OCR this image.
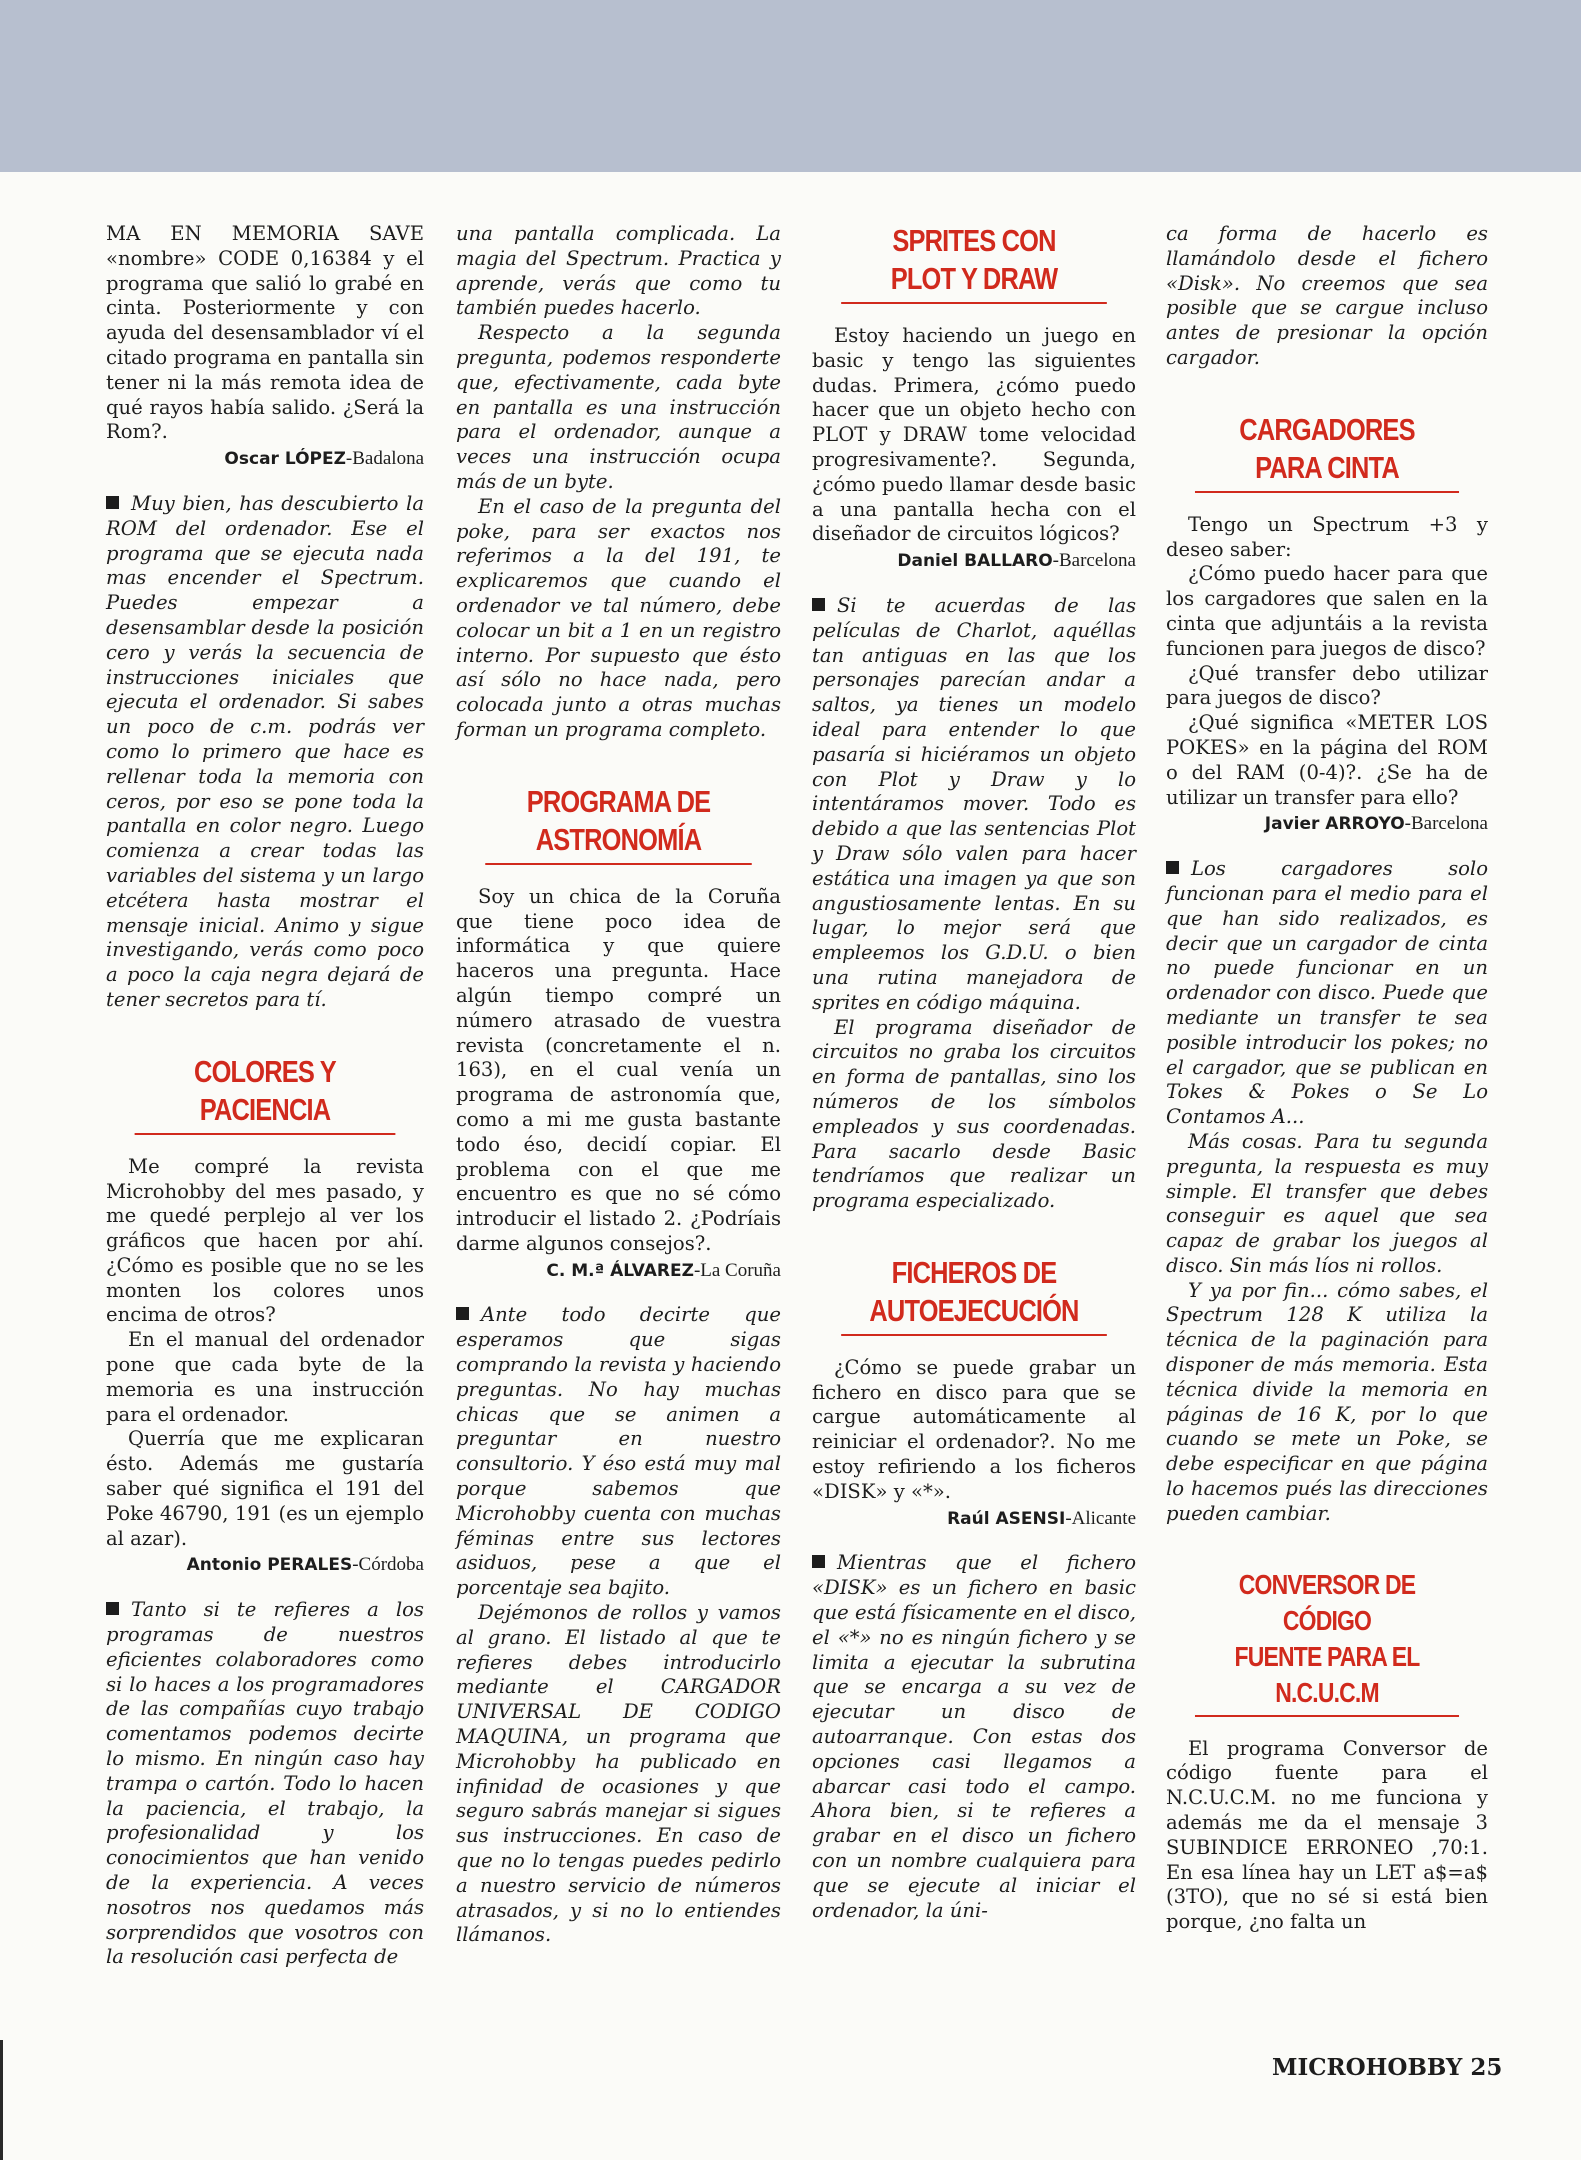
MA EN MEMORIA SAVE «nombre» CODE 0,16384 y el programa que salió lo grabé en cinta. Posteriormente y con ayuda del desensamblador ví el citado programa en pantalla sin tener ni la más remota idea de qué rayos había salido. ¿Será la Rom?.

Oscar LÓPEZ-Badalona

Muy bien, has descubierto la ROM del ordenador. Ese el programa que se ejecuta nada mas encender el Spectrum. Puedes empezar a desensamblar desde la posición cero y verás la secuencia de instrucciones iniciales que ejecuta el ordenador. Si sabes un poco de c.m. podrás ver como lo primero que hace es rellenar toda la memoria con ceros, por eso se pone toda la pantalla en color negro. Luego comienza a crear todas las variables del sistema y un largo etcétera hasta mostrar el mensaje inicial. Animo y sigue investigando, verás como poco a poco la caja negra dejará de tener secretos para tí.

COLORES Y PACIENCIA

Me compré la revista Microhobby del mes pasado, y me quedé perplejo al ver los gráficos que hacen por ahí. ¿Cómo es posible que no se les monten los colores unos encima de otros?

En el manual del ordenador pone que cada byte de la memoria es una instrucción para el ordenador.

Querría que me explicaran ésto. Además me gustaría saber qué significa el 191 del Poke 46790, 191 (es un ejemplo al azar).

Antonio PERALES-Córdoba

Tanto si te refieres a los programas de nuestros eficientes colaboradores como si lo haces a los programadores de las compañías cuyo trabajo comentamos podemos decirte lo mismo. En ningún caso hay trampa o cartón. Todo lo hacen la paciencia, el trabajo, la profesionalidad y los conocimientos que han venido de la experiencia. A veces nosotros nos quedamos más sorprendidos que vosotros con la resolución casi perfecta de

una pantalla complicada. La magia del Spectrum. Practica y aprende, verás que como tu también puedes hacerlo.

Respecto a la segunda pregunta, podemos responderte que, efectivamente, cada byte en pantalla es una instrucción para el ordenador, aunque a veces una instrucción ocupa más de un byte.

En el caso de la pregunta del poke, para ser exactos nos referimos a la del 191, te explicaremos que cuando el ordenador ve tal número, debe colocar un bit a 1 en un registro interno. Por supuesto que ésto así sólo no hace nada, pero colocada junto a otras muchas forman un programa completo.

PROGRAMA DE
ASTRONOMÍA

Soy un chica de la Coruña que tiene poco idea de informática y que quiere haceros una pregunta. Hace algún tiempo compré un número atrasado de vuestra revista (concretamente el n. 163), en el cual venía un programa de astronomía que, como a mi me gusta bastante todo éso, decidí copiar. El problema con el que me encuentro es que no sé cómo introducir el listado 2. ¿Podríais darme algunos consejos?.

C. M.ª ÁLVAREZ-La Coruña

Ante todo decirte que esperamos que sigas comprando la revista y haciendo preguntas. No hay muchas chicas que se animen a preguntar en nuestro consultorio. Y éso está muy mal porque sabemos que Microhobby cuenta con muchas féminas entre sus lectores asiduos, pese a que el porcentaje sea bajito.

Dejémonos de rollos y vamos al grano. El listado al que te refieres debes introducirlo mediante el CARGADOR UNIVERSAL DE CODIGO MAQUINA, un programa que Microhobby ha publicado en infinidad de ocasiones y que seguro sabrás manejar si sigues sus instrucciones. En caso de que no lo tengas puedes pedirlo a nuestro servicio de números atrasados, y si no lo entiendes llámanos.

SPRITES CON
PLOT Y DRAW

Estoy haciendo un juego en basic y tengo las siguientes dudas. Primera, ¿cómo puedo hacer que un objeto hecho con PLOT y DRAW tome velocidad progresivamente?. Segunda, ¿cómo puedo llamar desde basic a una pantalla hecha con el diseñador de circuitos lógicos?

Daniel BALLARO-Barcelona

Si te acuerdas de las películas de Charlot, aquéllas tan antiguas en las que los personajes parecían andar a saltos, ya tienes un modelo ideal para entender lo que pasaría si hiciéramos un objeto con Plot y Draw y lo intentáramos mover. Todo es debido a que las sentencias Plot y Draw sólo valen para hacer estática una imagen ya que son angustiosamente lentas. En su lugar, lo mejor será que empleemos los G.D.U. o bien una rutina manejadora de sprites en código máquina.

El programa diseñador de circuitos no graba los circuitos en forma de pantallas, sino los números de los símbolos empleados y sus coordenadas. Para sacarlo desde Basic tendríamos que realizar un programa especializado.

FICHEROS DE
AUTOEJECUCIÓN

¿Cómo se puede grabar un fichero en disco para que se cargue automáticamente al reiniciar el ordenador?. No me estoy refiriendo a los ficheros «DISK» y «*».

Raúl ASENSI-Alicante

Mientras que el fichero «DISK» es un fichero en basic que está físicamente en el disco, el «*» no es ningún fichero y se limita a ejecutar la subrutina que se encarga a su vez de ejecutar un disco de autoarranque. Con estas dos opciones casi llegamos a abarcar casi todo el campo. Ahora bien, si te refieres a grabar en el disco un fichero con un nombre cualquiera para que se ejecute al iniciar el ordenador, la úni-

ca forma de hacerlo es llamándolo desde el fichero «Disk». No creemos que sea posible que se cargue incluso antes de presionar la opción cargador.

CARGADORES
PARA CINTA

Tengo un Spectrum +3 y deseo saber:

¿Cómo puedo hacer para que los cargadores que salen en la cinta que adjuntáis a la revista funcionen para juegos de disco?

¿Qué transfer debo utilizar para juegos de disco?

¿Qué significa «METER LOS POKES» en la página del ROM o del RAM (0-4)?. ¿Se ha de utilizar un transfer para ello?

Javier ARROYO-Barcelona

Los cargadores solo funcionan para el medio para el que han sido realizados, es decir que un cargador de cinta no puede funcionar en un ordenador con disco. Puede que mediante un transfer te sea posible introducir los pokes; no el cargador, que se publican en Tokes & Pokes o Se Lo Contamos A...

Más cosas. Para tu segunda pregunta, la respuesta es muy simple. El transfer que debes conseguir es aquel que sea capaz de grabar los juegos al disco. Sin más líos ni rollos.

Y ya por fin... cómo sabes, el Spectrum 128 K utiliza la técnica de la paginación para disponer de más memoria. Esta técnica divide la memoria en páginas de 16 K, por lo que cuando se mete un Poke, se debe especificar en que página lo hacemos pués las direcciones pueden cambiar.

CONVERSOR DE CÓDIGO
FUENTE PARA EL N.C.U.C.M

El programa Conversor de código fuente para el N.C.U.C.M. no me funciona y además me da el mensaje 3 SUBINDICE ERRONEO ,70:1. En esa línea hay un LET a$=a$ (3TO), que no sé si está bien porque, ¿no falta un

MICROHOBBY 25
